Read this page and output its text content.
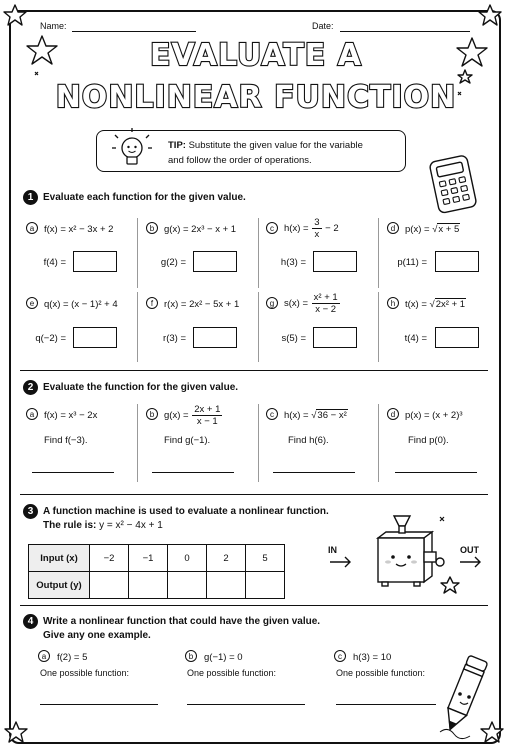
Name:	Date:
EVALUATE A
NONLINEAR FUNCTION
TIP: Substitute the given value for the variable
and follow the order of operations.
1 Evaluate each function for the given value.
a	f(x) = x² − 3x + 2
f(4) =
b	g(x) = 2x³ − x + 1
g(2) =
c	$h(x) = \frac{3}{x} - 2$
h(3) =
d	p(x) = √x + 5
p(11) =
e	q(x) = (x − 1)² + 4
q(−2) =
f	r(x) = 2x² − 5x + 1
r(3) =
g	$s(x) = \frac{\text{x² + 1}}{x - 2}$
s(5) =
h	t(x) = √2x² + 1
t(4) =
2 Evaluate the function for the given value.
a	f(x) = x³ − 2x
Find f(−3).
b	$g(x) = \frac{2x + 1}{x - 1}$
Find g(−1).
c	h(x) = √36 − x²
Find h(6).
d	p(x) = (x + 2)³
Find p(0).
3 A function machine is used to evaluate a nonlinear function.
The rule is: y = x² − 4x + 1
Input (x)	−2	−1	0	2	5
Output (y)					
IN	OUT
4 Write a nonlinear function that could have the given value.
Give any one example.
a	f(2) = 5
One possible function:
b	g(−1) = 0
One possible function:
c	h(3) = 10
One possible function:
